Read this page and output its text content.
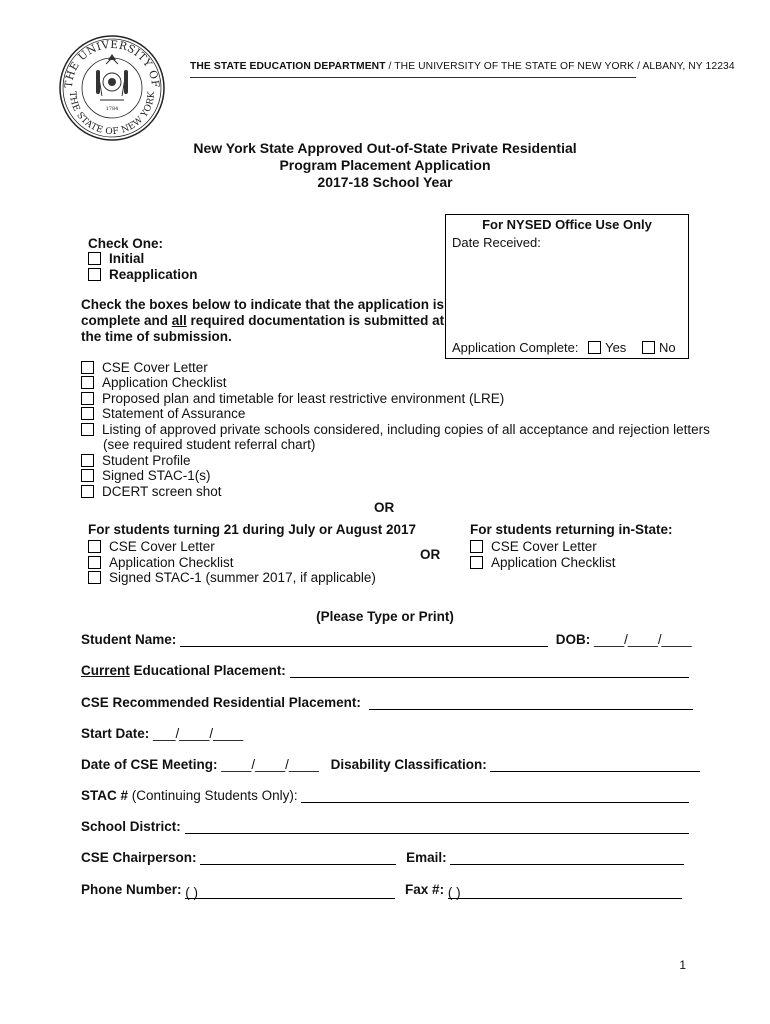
THE UNIVERSITY OF
THE STATE OF NEW YORK
1784
THE STATE EDUCATION DEPARTMENT / THE UNIVERSITY OF THE STATE OF NEW YORK / ALBANY, NY 12234
New York State Approved Out-of-State Private Residential
Program Placement Application
2017-18 School Year
For NYSED Office Use Only
Date Received:
Application Complete: Yes	No
Check One:
Initial
Reapplication
Check the boxes below to indicate that the application is
complete and all required documentation is submitted at
the time of submission.
CSE Cover Letter
Application Checklist
Proposed plan and timetable for least restrictive environment (LRE)
Statement of Assurance
Listing of approved private schools considered, including copies of all acceptance and rejection letters
(see required student referral chart)
Student Profile
Signed STAC-1(s)
DCERT screen shot
OR
For students turning 21 during July or August 2017
CSE Cover Letter
Application Checklist
Signed STAC-1 (summer 2017, if applicable)
OR
For students returning in-State:
CSE Cover Letter
Application Checklist
(Please Type or Print)
Student Name:	DOB: ____/____/____
Current Educational Placement:
CSE Recommended Residential Placement:
Start Date: ___/____/____
Date of CSE Meeting: ____/____/____ Disability Classification:
STAC # (Continuing Students Only):
School District:
CSE Chairperson:	Email:
Phone Number: ( )	Fax #: ( )
1
